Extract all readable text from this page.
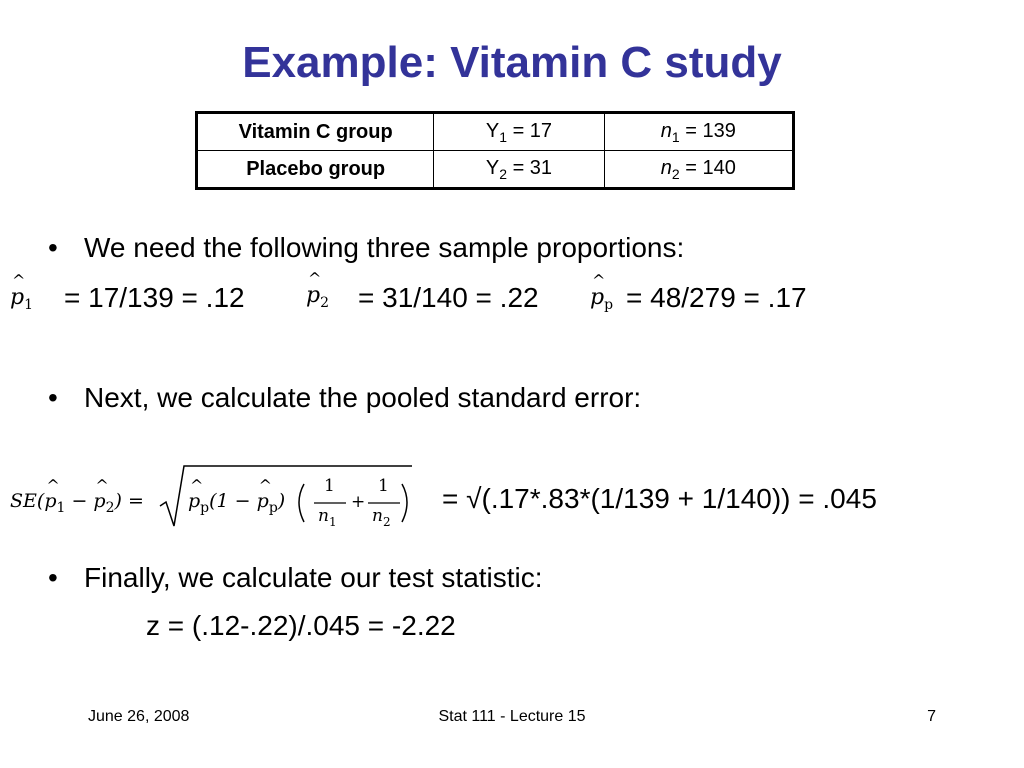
Example: Vitamin C study
Vitamin C group	$Y_1 = 17$	$n_1 = 139$
Placebo group	$Y_2 = 31$	$n_2 = 140$
• We need the following three sample proportions:
^ $p_1 = 17/139 = .12$	^ $p_2 = 31/140 = .22$ ^ $p_p = 48/279 = .17$
• Next, we calculate the pooled standard error:
SE(^ $p_1$ − ^ $p_2$) = ^ $p_p(1$ − ^ $p_p$)
1
$n_1$
+
1
$n_2$
= √(.17*.83*(1/139 + 1/140)) = .045
• Finally, we calculate our test statistic:
z = (.12-.22)/.045 = -2.22
June 26, 2008	Stat 111 - Lecture 15	7
